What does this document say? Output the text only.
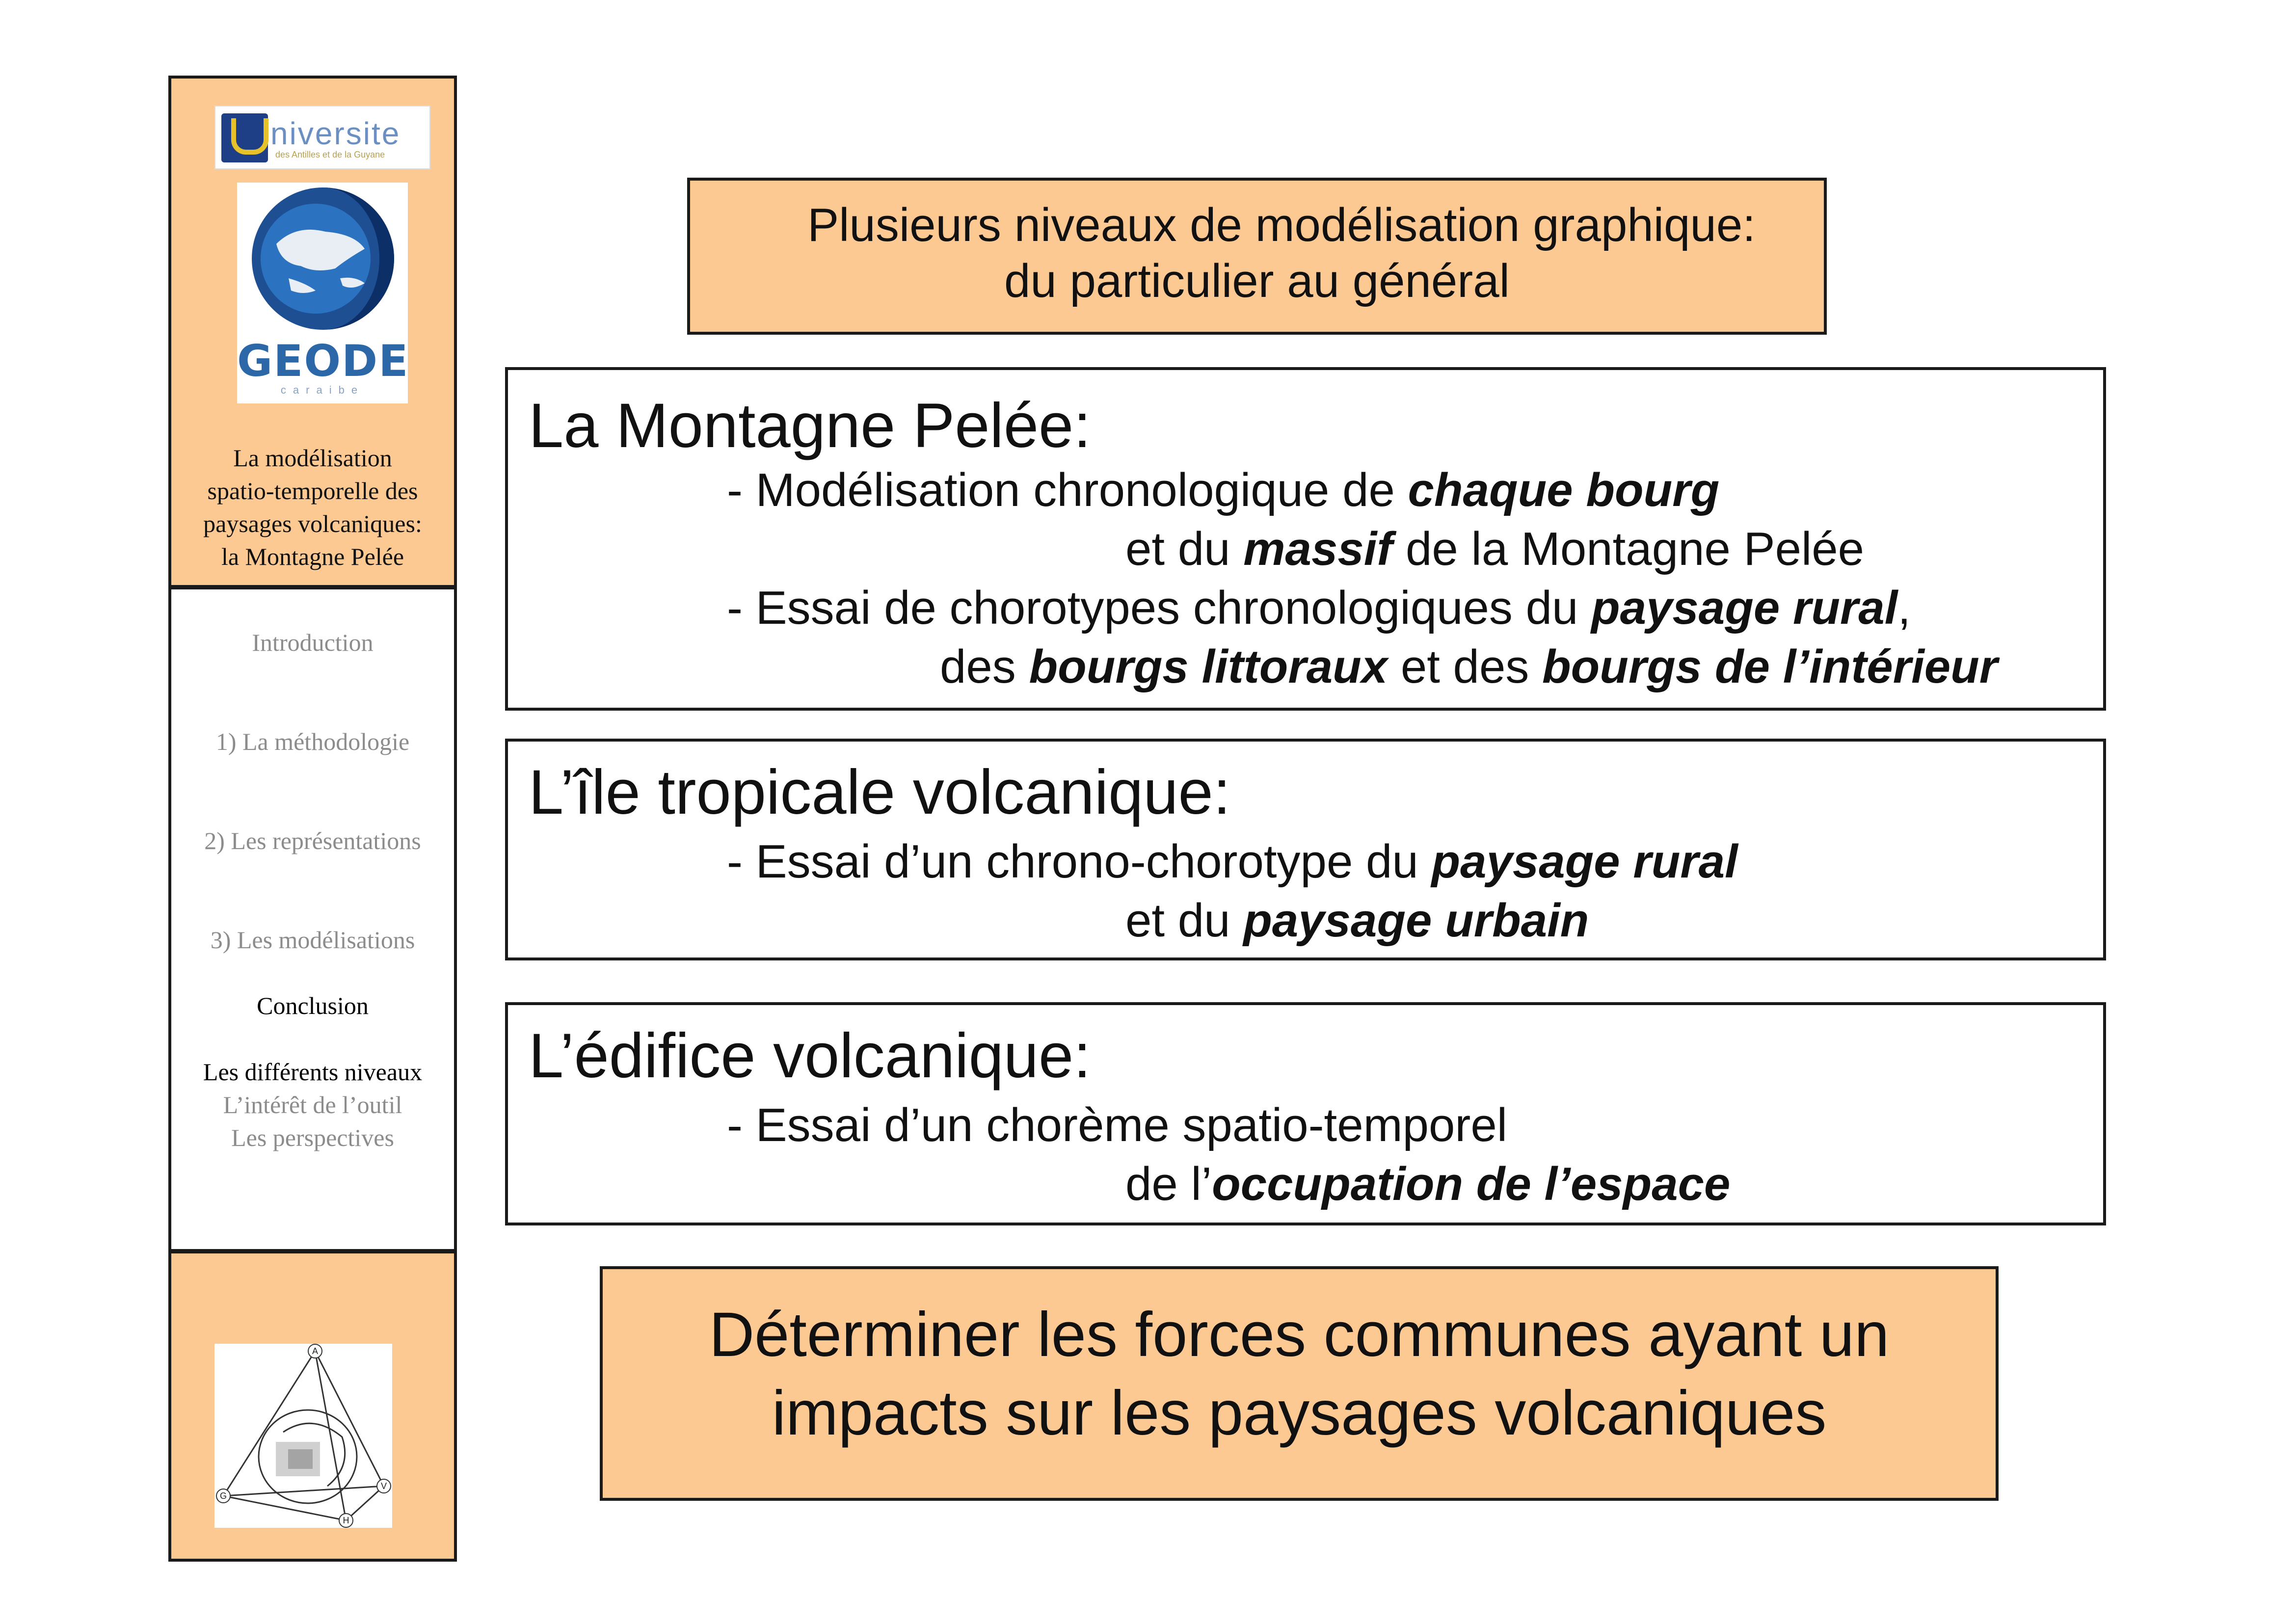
niversite
des Antilles et de la Guyane
GEODE
caraibe
La modélisation
spatio-temporelle des
paysages volcaniques:
la Montagne Pelée
Introduction
1) La méthodologie
2) Les représentations
3) Les modélisations
Conclusion
Les différents niveaux
L’intérêt de l’outil
Les perspectives
A
G
V
H
Plusieurs niveaux de modélisation graphique:
du particulier au général
La Montagne Pelée:
- Modélisation chronologique de chaque bourg
et du massif de la Montagne Pelée
- Essai de chorotypes chronologiques du paysage rural,
des bourgs littoraux et des bourgs de l’intérieur
L’île tropicale volcanique:
- Essai d’un chrono-chorotype du paysage rural
et du paysage urbain
L’édifice volcanique:
- Essai d’un chorème spatio-temporel
de l’occupation de l’espace
Déterminer les forces communes ayant un
impacts sur les paysages volcaniques
